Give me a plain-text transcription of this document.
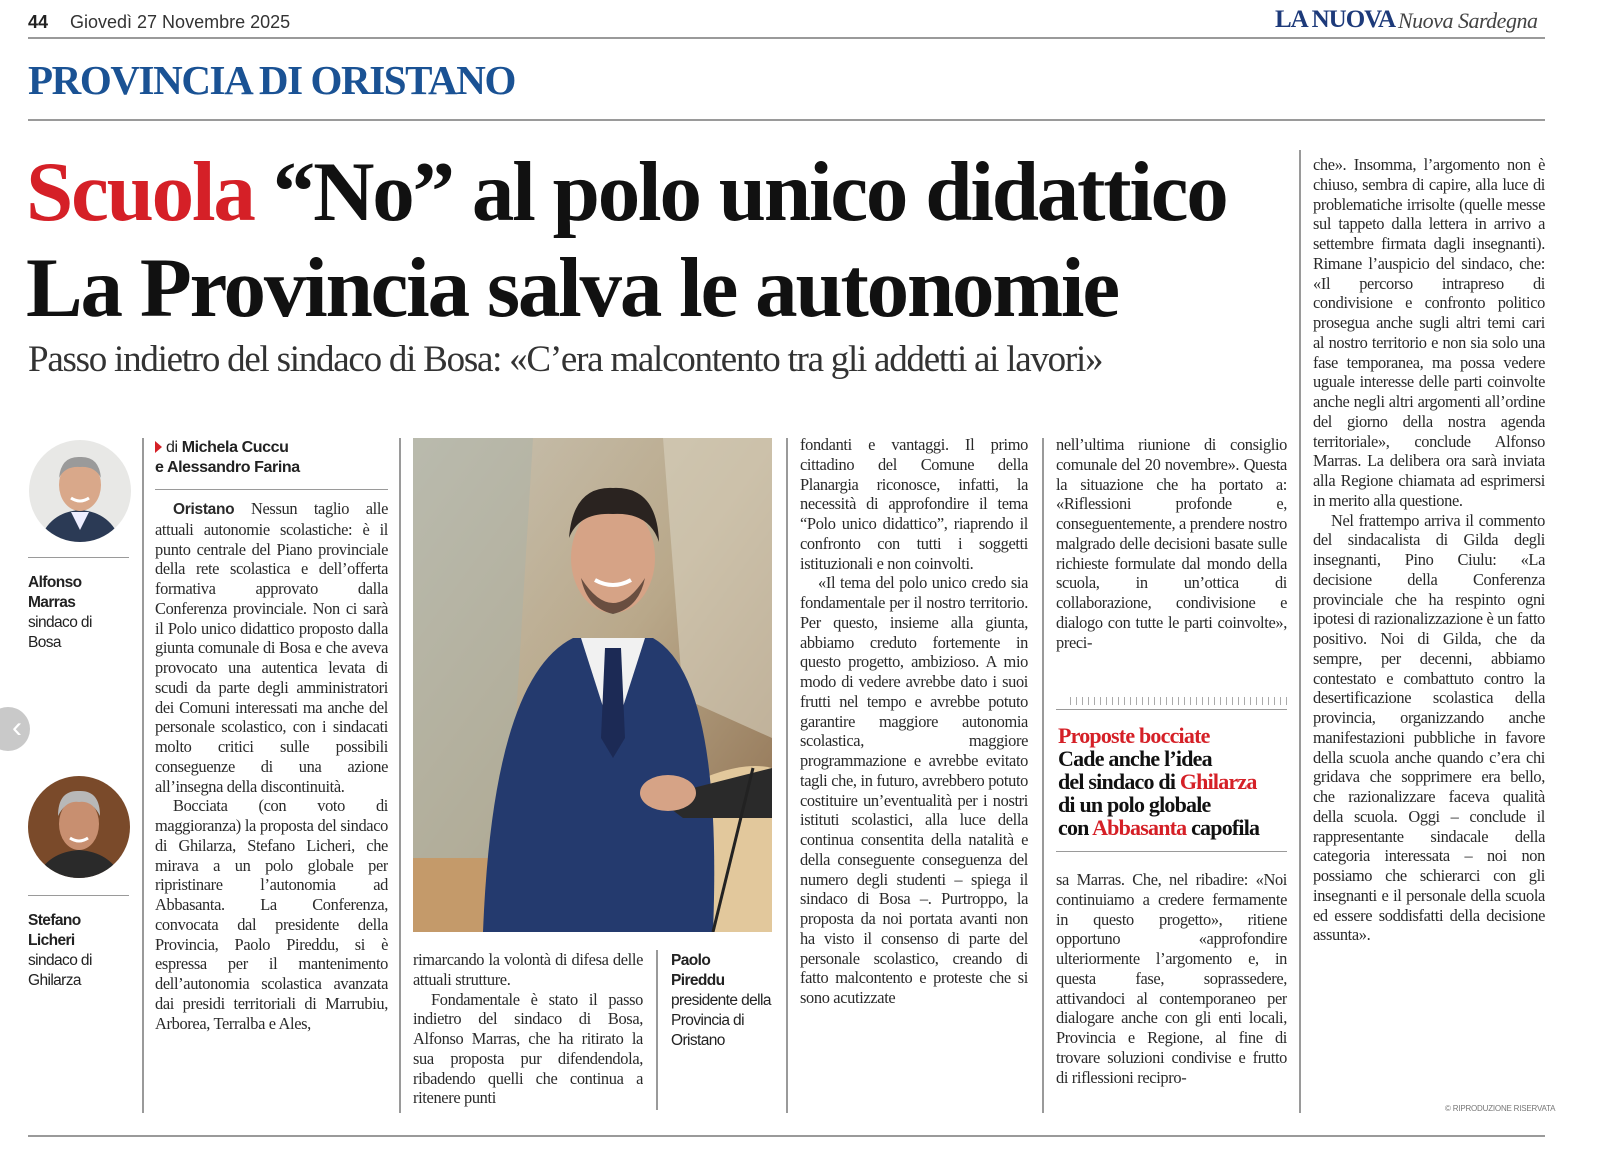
44 Giovedì 27 Novembre 2025	LA NUOVA Nuova Sardegna
PROVINCIA DI ORISTANO
Scuola “No” al polo unico didattico
La Provincia salva le autonomie
Passo indietro del sindaco di Bosa: «C’era malcontento tra gli addetti ai lavori»
Alfonso Marras
sindaco di Bosa
Stefano Licheri
sindaco di Ghilarza
di Michela Cuccu
e Alessandro Farina

Oristano Nessun taglio alle attuali autonomie scolastiche: è il punto centrale del Piano provinciale della rete scolastica e dell’offerta formativa approvato dalla Conferenza provinciale. Non ci sarà il Polo unico didattico proposto dalla giunta comunale di Bosa e che aveva provocato una autentica levata di scudi da parte degli amministratori dei Comuni interessati ma anche del personale scolastico, con i sindacati molto critici sulle possibili conseguenze di una azione all’insegna della discontinuità.

Bocciata (con voto di maggioranza) la proposta del sindaco di Ghilarza, Stefano Licheri, che mirava a un polo globale per ripristinare l’autonomia ad Abbasanta. La Conferenza, convocata dal presidente della Provincia, Paolo Pireddu, si è espressa per il mantenimento dell’autonomia scolastica avanzata dai presidi territoriali di Marrubiu, Arborea, Terralba e Ales,

rimarcando la volontà di difesa delle attuali strutture.

Fondamentale è stato il passo indietro del sindaco di Bosa, Alfonso Marras, che ha ritirato la sua proposta pur difendendola, ribadendo quelli che continua a ritenere punti

Paolo Pireddu
presidente della Provincia di Oristano

fondanti e vantaggi. Il primo cittadino del Comune della Planargia riconosce, infatti, la necessità di approfondire il tema “Polo unico didattico”, riaprendo il confronto con tutti i soggetti istituzionali e non coinvolti.

«Il tema del polo unico credo sia fondamentale per il nostro territorio. Per questo, insieme alla giunta, abbiamo creduto fortemente in questo progetto, ambizioso. A mio modo di vedere avrebbe dato i suoi frutti nel tempo e avrebbe potuto garantire maggiore autonomia scolastica, maggiore programmazione e avrebbe evitato tagli che, in futuro, avrebbero potuto costituire un’eventualità per i nostri istituti scolastici, alla luce della continua consentita della natalità e della conseguente conseguenza del numero degli studenti – spiega il sindaco di Bosa –. Purtroppo, la proposta da noi portata avanti non ha visto il consenso di parte del personale scolastico, creando di fatto malcontento e proteste che si sono acutizzate

nell’ultima riunione di consiglio comunale del 20 novembre». Questa la situazione che ha portato a: «Riflessioni profonde e, conseguentemente, a prendere nostro malgrado delle decisioni basate sulle richieste formulate dal mondo della scuola, in un’ottica di collaborazione, condivisione e dialogo con tutte le parti coinvolte», preci-

Proposte bocciate
Cade anche l’idea
del sindaco di Ghilarza
di un polo globale
con Abbasanta capofila

sa Marras. Che, nel ribadire: «Noi continuiamo a credere fermamente in questo progetto», ritiene opportuno «approfondire ulteriormente l’argomento e, in questa fase, soprassedere, attivandoci al contemporaneo per dialogare anche con gli enti locali, Provincia e Regione, al fine di trovare soluzioni condivise e frutto di riflessioni recipro-

che». Insomma, l’argomento non è chiuso, sembra di capire, alla luce di problematiche irrisolte (quelle messe sul tappeto dalla lettera in arrivo a settembre firmata dagli insegnanti). Rimane l’auspicio del sindaco, che: «Il percorso intrapreso di condivisione e confronto politico prosegua anche sugli altri temi cari al nostro territorio e non sia solo una fase temporanea, ma possa vedere uguale interesse delle parti coinvolte anche negli altri argomenti all’ordine del giorno della nostra agenda territoriale», conclude Alfonso Marras. La delibera ora sarà inviata alla Regione chiamata ad esprimersi in merito alla questione.

Nel frattempo arriva il commento del sindacalista di Gilda degli insegnanti, Pino Ciulu: «La decisione della Conferenza provinciale che ha respinto ogni ipotesi di razionalizzazione è un fatto positivo. Noi di Gilda, che da sempre, per decenni, abbiamo contestato e combattuto contro la desertificazione scolastica della provincia, organizzando anche manifestazioni pubbliche in favore della scuola anche quando c’era chi gridava che sopprimere era bello, che razionalizzare faceva qualità della scuola. Oggi – conclude il rappresentante sindacale della categoria interessata – noi non possiamo che schierarci con gli insegnanti e il personale della scuola ed essere soddisfatti della decisione assunta».

© RIPRODUZIONE RISERVATA
‹
